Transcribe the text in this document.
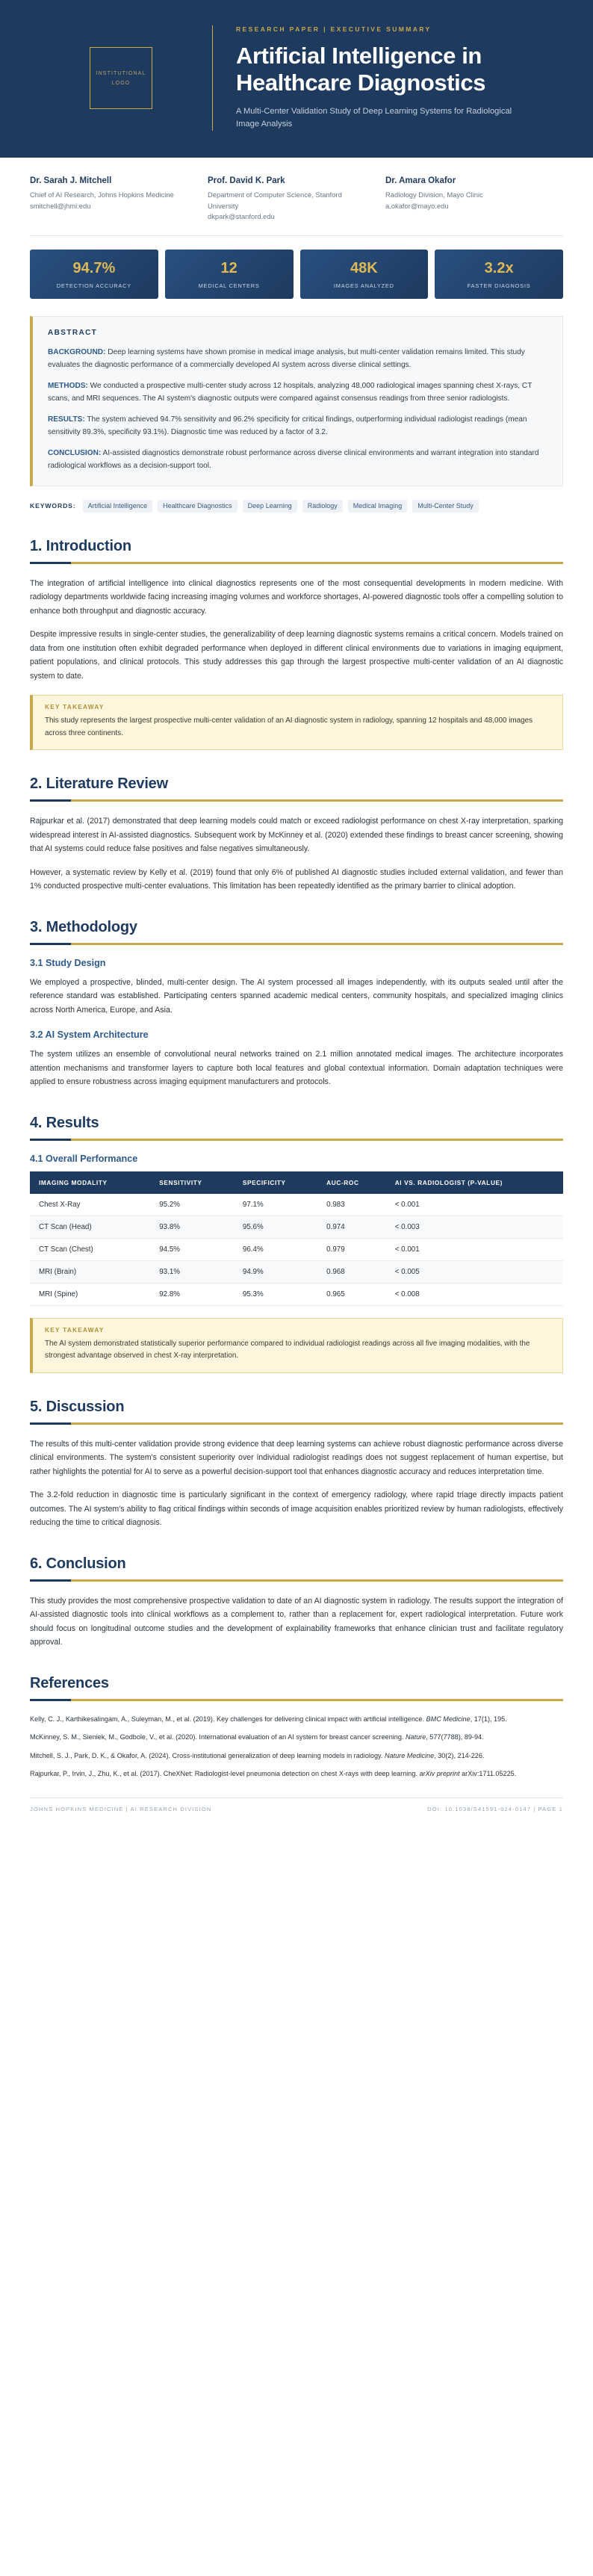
INSTITUTIONAL
LOGO
RESEARCH PAPER | EXECUTIVE SUMMARY
Artificial Intelligence in Healthcare Diagnostics
A Multi-Center Validation Study of Deep Learning Systems for Radiological Image Analysis
Dr. Sarah J. Mitchell
Chief of AI Research, Johns Hopkins Medicine
smitchell@jhmi.edu
Prof. David K. Park
Department of Computer Science, Stanford University
dkpark@stanford.edu
Dr. Amara Okafor
Radiology Division, Mayo Clinic
a.okafor@mayo.edu
94.7%
DETECTION ACCURACY
12
MEDICAL CENTERS
48K
IMAGES ANALYZED
3.2x
FASTER DIAGNOSIS
ABSTRACT

BACKGROUND: Deep learning systems have shown promise in medical image analysis, but multi-center validation remains limited. This study evaluates the diagnostic performance of a commercially developed AI system across diverse clinical settings.

METHODS: We conducted a prospective multi-center study across 12 hospitals, analyzing 48,000 radiological images spanning chest X-rays, CT scans, and MRI sequences. The AI system's diagnostic outputs were compared against consensus readings from three senior radiologists.

RESULTS: The system achieved 94.7% sensitivity and 96.2% specificity for critical findings, outperforming individual radiologist readings (mean sensitivity 89.3%, specificity 93.1%). Diagnostic time was reduced by a factor of 3.2.

CONCLUSION: AI-assisted diagnostics demonstrate robust performance across diverse clinical environments and warrant integration into standard radiological workflows as a decision-support tool.

KEYWORDS:	Artificial Intelligence	Healthcare Diagnostics	Deep Learning	Radiology	Medical Imaging	Multi-Center Study
1. Introduction

The integration of artificial intelligence into clinical diagnostics represents one of the most consequential developments in modern medicine. With radiology departments worldwide facing increasing imaging volumes and workforce shortages, AI-powered diagnostic tools offer a compelling solution to enhance both throughput and diagnostic accuracy.

Despite impressive results in single-center studies, the generalizability of deep learning diagnostic systems remains a critical concern. Models trained on data from one institution often exhibit degraded performance when deployed in different clinical environments due to variations in imaging equipment, patient populations, and clinical protocols. This study addresses this gap through the largest prospective multi-center validation of an AI diagnostic system to date.

KEY TAKEAWAY
This study represents the largest prospective multi-center validation of an AI diagnostic system in radiology, spanning 12 hospitals and 48,000 images across three continents.
2. Literature Review

Rajpurkar et al. (2017) demonstrated that deep learning models could match or exceed radiologist performance on chest X-ray interpretation, sparking widespread interest in AI-assisted diagnostics. Subsequent work by McKinney et al. (2020) extended these findings to breast cancer screening, showing that AI systems could reduce false positives and false negatives simultaneously.

However, a systematic review by Kelly et al. (2019) found that only 6% of published AI diagnostic studies included external validation, and fewer than 1% conducted prospective multi-center evaluations. This limitation has been repeatedly identified as the primary barrier to clinical adoption.

3. Methodology
3.1 Study Design

We employed a prospective, blinded, multi-center design. The AI system processed all images independently, with its outputs sealed until after the reference standard was established. Participating centers spanned academic medical centers, community hospitals, and specialized imaging clinics across North America, Europe, and Asia.

3.2 AI System Architecture

The system utilizes an ensemble of convolutional neural networks trained on 2.1 million annotated medical images. The architecture incorporates attention mechanisms and transformer layers to capture both local features and global contextual information. Domain adaptation techniques were applied to ensure robustness across imaging equipment manufacturers and protocols.

4. Results
4.1 Overall Performance
IMAGING MODALITY	SENSITIVITY	SPECIFICITY	AUC-ROC	AI VS. RADIOLOGIST (P-VALUE)
Chest X-Ray	95.2%	97.1%	0.983	< 0.001
CT Scan (Head)	93.8%	95.6%	0.974	< 0.003
CT Scan (Chest)	94.5%	96.4%	0.979	< 0.001
MRI (Brain)	93.1%	94.9%	0.968	< 0.005
MRI (Spine)	92.8%	95.3%	0.965	< 0.008
KEY TAKEAWAY
The AI system demonstrated statistically superior performance compared to individual radiologist readings across all five imaging modalities, with the strongest advantage observed in chest X-ray interpretation.
5. Discussion

The results of this multi-center validation provide strong evidence that deep learning systems can achieve robust diagnostic performance across diverse clinical environments. The system's consistent superiority over individual radiologist readings does not suggest replacement of human expertise, but rather highlights the potential for AI to serve as a powerful decision-support tool that enhances diagnostic accuracy and reduces interpretation time.

The 3.2-fold reduction in diagnostic time is particularly significant in the context of emergency radiology, where rapid triage directly impacts patient outcomes. The AI system's ability to flag critical findings within seconds of image acquisition enables prioritized review by human radiologists, effectively reducing the time to critical diagnosis.

6. Conclusion

This study provides the most comprehensive prospective validation to date of an AI diagnostic system in radiology. The results support the integration of AI-assisted diagnostic tools into clinical workflows as a complement to, rather than a replacement for, expert radiological interpretation. Future work should focus on longitudinal outcome studies and the development of explainability frameworks that enhance clinician trust and facilitate regulatory approval.

References
Kelly, C. J., Karthikesalingam, A., Suleyman, M., et al. (2019). Key challenges for delivering clinical impact with artificial intelligence. BMC Medicine, 17(1), 195.
McKinney, S. M., Sieniek, M., Godbole, V., et al. (2020). International evaluation of an AI system for breast cancer screening. Nature, 577(7788), 89-94.
Mitchell, S. J., Park, D. K., & Okafor, A. (2024). Cross-institutional generalization of deep learning models in radiology. Nature Medicine, 30(2), 214-226.
Rajpurkar, P., Irvin, J., Zhu, K., et al. (2017). CheXNet: Radiologist-level pneumonia detection on chest X-rays with deep learning. arXiv preprint arXiv:1711.05225.
JOHNS HOPKINS MEDICINE | AI RESEARCH DIVISION	DOI: 10.1038/S41591-024-0147 | PAGE 1
